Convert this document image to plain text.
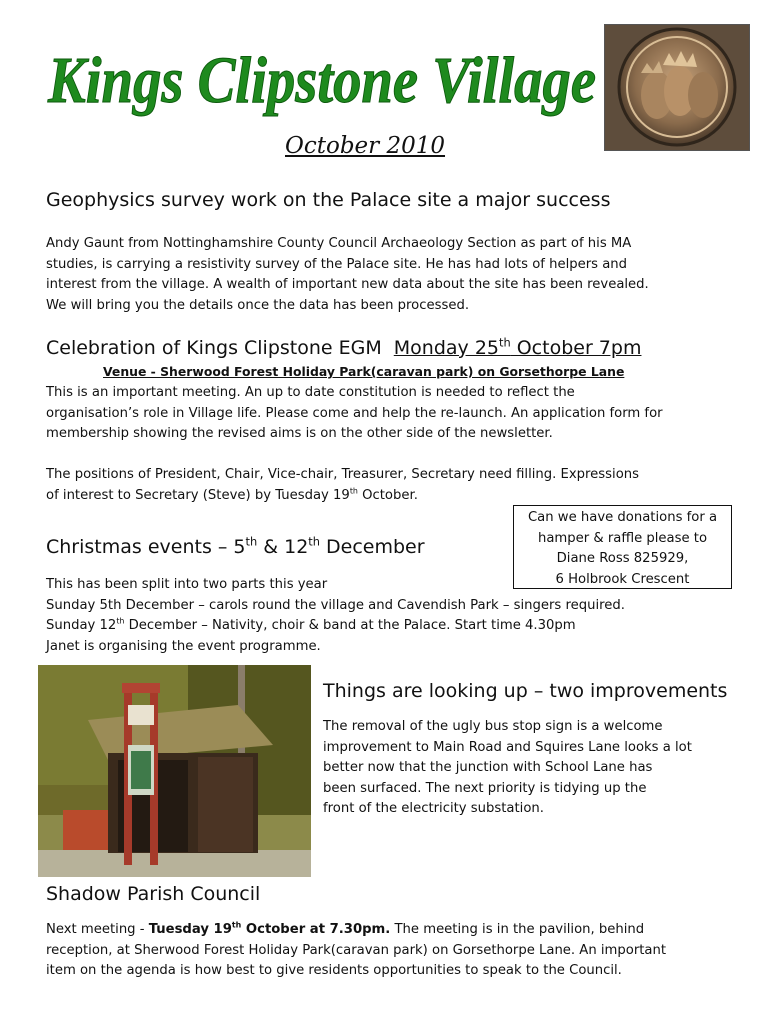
Kings Clipstone Village
October 2010
Geophysics survey work on the Palace site a major success

Andy Gaunt from Nottinghamshire County Council Archaeology Section as part of his MA
studies, is carrying a resistivity survey of the Palace site. He has had lots of helpers and
interest from the village. A wealth of important new data about the site has been revealed.
We will bring you the details once the data has been processed.

Celebration of Kings Clipstone EGM Monday 25th October 7pm
Venue - Sherwood Forest Holiday Park(caravan park) on Gorsethorpe Lane

This is an important meeting. An up to date constitution is needed to reflect the
organisation’s role in Village life. Please come and help the re-launch. An application form for
membership showing the revised aims is on the other side of the newsletter.

The positions of President, Chair, Vice-chair, Treasurer, Secretary need filling. Expressions
of interest to Secretary (Steve) by Tuesday 19th October.

Can we have donations for a
hamper & raffle please to
Diane Ross 825929,
6 Holbrook Crescent
Christmas events – 5th & 12th December

This has been split into two parts this year
Sunday 5th December – carols round the village and Cavendish Park – singers required.
Sunday 12th December – Nativity, choir & band at the Palace. Start time 4.30pm
Janet is organising the event programme.

Things are looking up – two improvements

The removal of the ugly bus stop sign is a welcome
improvement to Main Road and Squires Lane looks a lot
better now that the junction with School Lane has
been surfaced. The next priority is tidying up the
front of the electricity substation.

Shadow Parish Council

Next meeting - Tuesday 19th October at 7.30pm. The meeting is in the pavilion, behind
reception, at Sherwood Forest Holiday Park(caravan park) on Gorsethorpe Lane. An important
item on the agenda is how best to give residents opportunities to speak to the Council.
